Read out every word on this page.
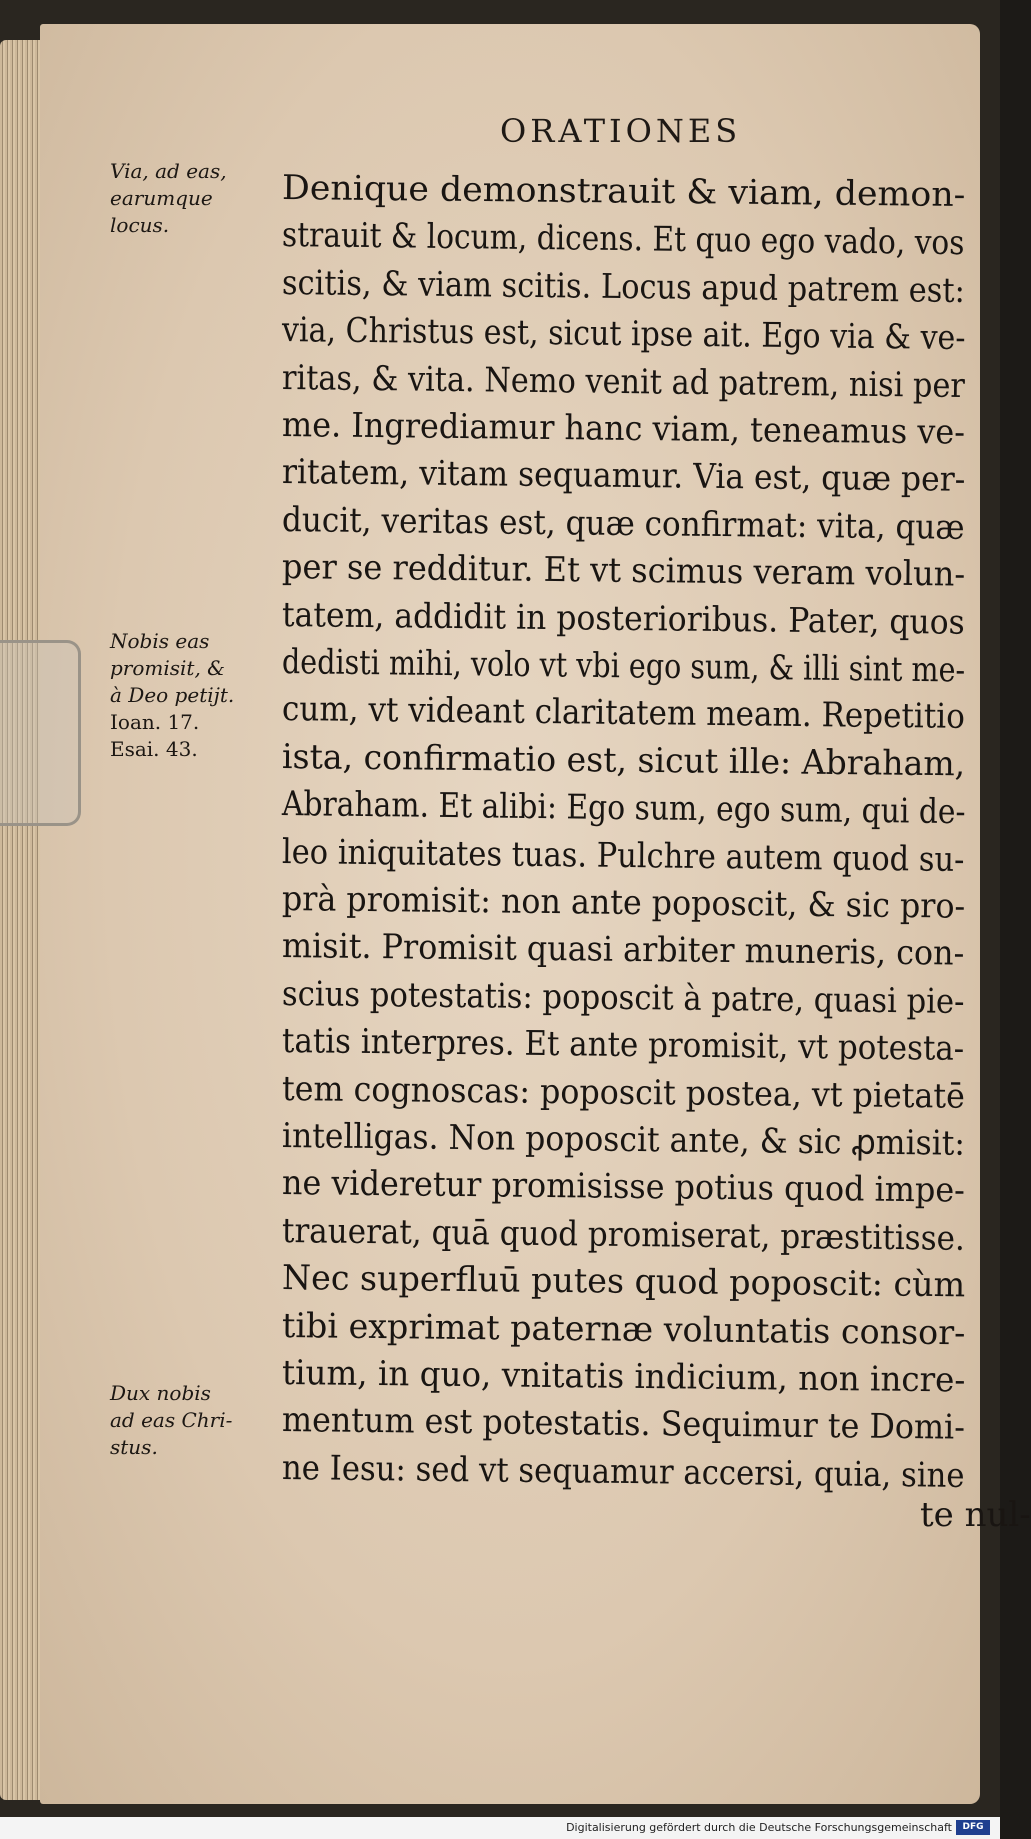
ORATIONES

Denique demonstrauit & viam, demon-
strauit & locum, dicens. Et quo ego vado, vos
scitis, & viam scitis. Locus apud patrem est:
via, Christus est, sicut ipse ait. Ego via & ve-
ritas, & vita. Nemo venit ad patrem, nisi per
me. Ingrediamur hanc viam, teneamus ve-
ritatem, vitam sequamur. Via est, quæ per-
ducit, veritas est, quæ confirmat: vita, quæ
per se redditur. Et vt scimus veram volun-
tatem, addidit in posterioribus. Pater, quos
dedisti mihi, volo vt vbi ego sum, & illi sint me-
cum, vt videant claritatem meam. Repetitio
ista, confirmatio est, sicut ille: Abraham,
Abraham. Et alibi: Ego sum, ego sum, qui de-
leo iniquitates tuas. Pulchre autem quod su-
prà promisit: non ante poposcit, & sic pro-
misit. Promisit quasi arbiter muneris, con-
scius potestatis: poposcit à patre, quasi pie-
tatis interpres. Et ante promisit, vt potesta-
tem cognoscas: poposcit postea, vt pietatē
intelligas. Non poposcit ante, & sic ꝓmisit:
ne videretur promisisse potius quod impe-
trauerat, quā quod promiserat, præstitisse.
Nec superfluū putes quod poposcit: cùm
tibi exprimat paternæ voluntatis consor-
tium, in quo, vnitatis indicium, non incre-
mentum est potestatis. Sequimur te Domi-
ne Iesu: sed vt sequamur accersi, quia, sine
te nul-
Via, ad eas,
earumque
locus.
Nobis eas
promisit, &
à Deo petijt.
Ioan. 17.
Esai. 43.
Dux nobis
ad eas Chri-
stus.

Digitalisierung gefördert durch die Deutsche Forschungsgemeinschaft	DFG
